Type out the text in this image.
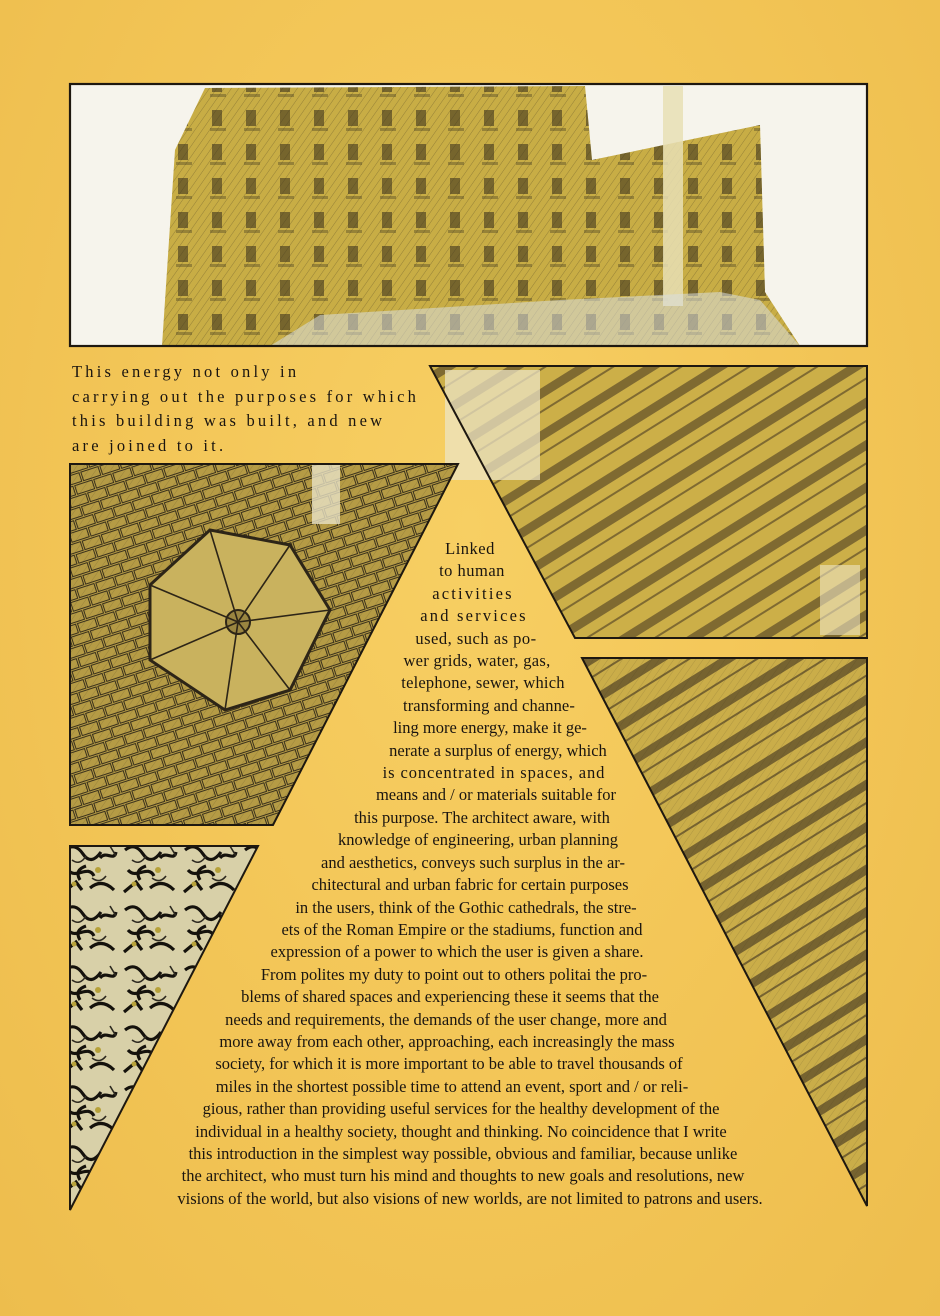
This energy not only in
carrying out the purposes for which
this building was built, and new
are joined to it.

Linked
to human
activities
and services
used, such as po-
wer grids, water, gas,
telephone, sewer, which
transforming and channe-
ling more energy, make it ge-
nerate a surplus of energy, which
is concentrated in spaces, and
means and / or materials suitable for
this purpose. The architect aware, with
knowledge of engineering, urban planning
and aesthetics, conveys such surplus in the ar-
chitectural and urban fabric for certain purposes
in the users, think of the Gothic cathedrals, the stre-
ets of the Roman Empire or the stadiums, function and
expression of a power to which the user is given a share.
From polites my duty to point out to others politai the pro-
blems of shared spaces and experiencing these it seems that the
needs and requirements, the demands of the user change, more and
more away from each other, approaching, each increasingly the mass
society, for which it is more important to be able to travel thousands of
miles in the shortest possible time to attend an event, sport and / or reli-
gious, rather than providing useful services for the healthy development of the
individual in a healthy society, thought and thinking. No coincidence that I write
this introduction in the simplest way possible, obvious and familiar, because unlike
the architect, who must turn his mind and thoughts to new goals and resolutions, new
visions of the world, but also visions of new worlds, are not limited to patrons and users.
